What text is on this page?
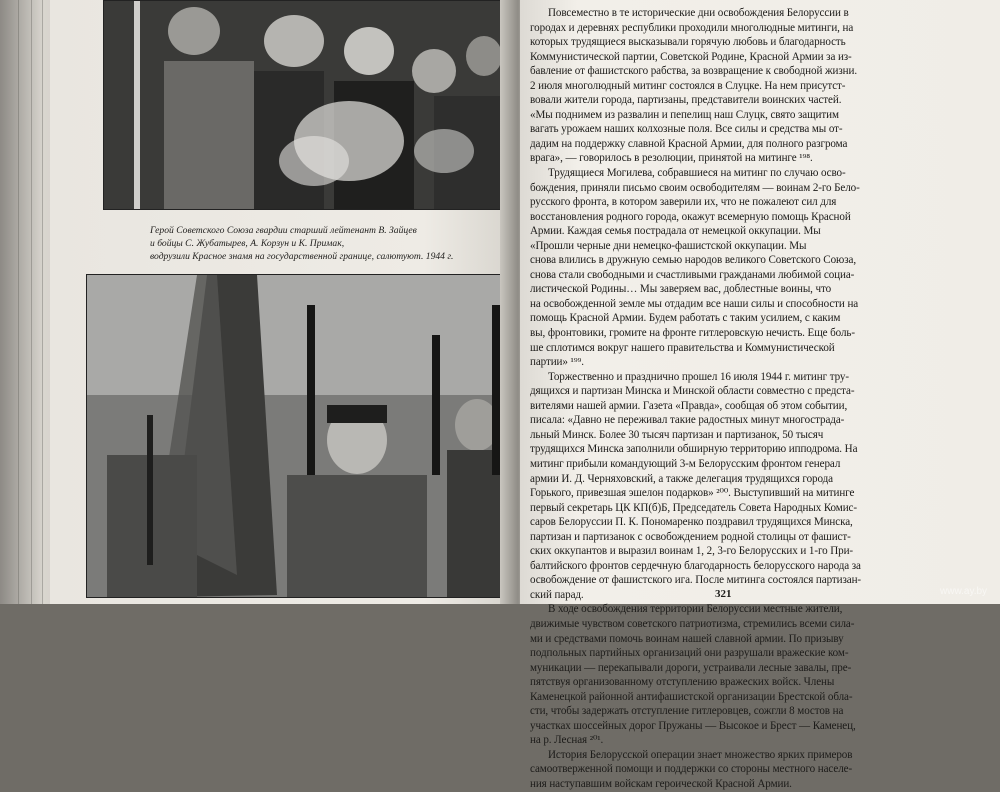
Герой Советского Союза гвардии старший лейтенант В. Зайцев
и бойцы С. Жубатырев, А. Корзун и К. Примак,
водрузили Красное знамя на государственной границе, салютуют. 1944 г.
Повсеместно в те исторические дни освобождения Белоруссии в
городах и деревнях республики проходили многолюдные митинги, на
которых трудящиеся высказывали горячую любовь и благодарность
Коммунистической партии, Советской Родине, Красной Армии за из-
бавление от фашистского рабства, за возвращение к свободной жизни.
2 июля многолюдный митинг состоялся в Слуцке. На нем присутст-
вовали жители города, партизаны, представители воинских частей.
«Мы поднимем из развалин и пепелищ наш Слуцк, свято защитим
вагать урожаем наших колхозные поля. Все силы и средства мы от-
дадим на поддержку славной Красной Армии, для полного разгрома
врага», — говорилось в резолюции, принятой на митинге ¹⁹⁸.
Трудящиеся Могилева, собравшиеся на митинг по случаю осво-
бождения, приняли письмо своим освободителям — воинам 2-го Бело-
русского фронта, в котором заверили их, что не пожалеют сил для
восстановления родного города, окажут всемерную помощь Красной
Армии. Каждая семья пострадала от немецкой оккупации. Мы
«Прошли черные дни немецко-фашистской оккупации. Мы
снова влились в дружную семью народов великого Советского Союза,
снова стали свободными и счастливыми гражданами любимой социа-
листической Родины… Мы заверяем вас, доблестные воины, что
на освобожденной земле мы отдадим все наши силы и способности на
помощь Красной Армии. Будем работать с таким усилием, с каким
вы, фронтовики, громите на фронте гитлеровскую нечисть. Еще боль-
ше сплотимся вокруг нашего правительства и Коммунистической
партии» ¹⁹⁹.
Торжественно и празднично прошел 16 июля 1944 г. митинг тру-
дящихся и партизан Минска и Минской области совместно с предста-
вителями нашей армии. Газета «Правда», сообщая об этом событии,
писала: «Давно не переживал такие радостных минут многострада-
льный Минск. Более 30 тысяч партизан и партизанок, 50 тысяч
трудящихся Минска заполнили обширную территорию ипподрома. На
митинг прибыли командующий 3-м Белорусским фронтом генерал
армии И. Д. Черняховский, а также делегация трудящихся города
Горького, привезшая эшелон подарков» ²⁰⁰. Выступивший на митинге
первый секретарь ЦК КП(б)Б, Председатель Совета Народных Комис-
саров Белоруссии П. К. Пономаренко поздравил трудящихся Минска,
партизан и партизанок с освобождением родной столицы от фашист-
ских оккупантов и выразил воинам 1, 2, 3-го Белорусских и 1-го При-
балтийского фронтов сердечную благодарность белорусского народа за
освобождение от фашистского ига. После митинга состоялся партизан-
ский парад.
В ходе освобождения территории Белоруссии местные жители,
движимые чувством советского патриотизма, стремились всеми сила-
ми и средствами помочь воинам нашей славной армии. По призыву
подпольных партийных организаций они разрушали вражеские ком-
муникации — перекапывали дороги, устраивали лесные завалы, пре-
пятствуя организованному отступлению вражеских войск. Члены
Каменецкой районной антифашистской организации Брестской обла-
сти, чтобы задержать отступление гитлеровцев, сожгли 8 мостов на
участках шоссейных дорог Пружаны — Высокое и Брест — Каменец,
на р. Лесная ²⁰¹.
История Белорусской операции знает множество ярких примеров
самоотверженной помощи и поддержки со стороны местного населе-
ния наступавшим войскам героической Красной Армии.
321	www.ay.by
